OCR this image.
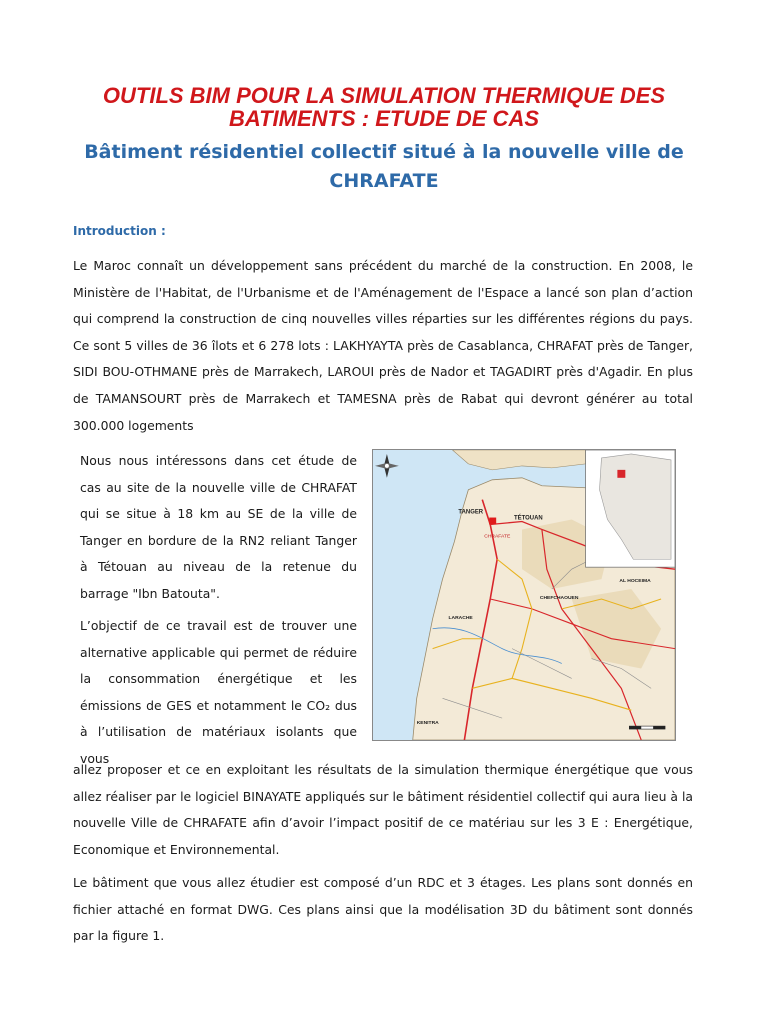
OUTILS BIM POUR LA SIMULATION THERMIQUE DES BATIMENTS : ETUDE DE CAS
Bâtiment résidentiel collectif situé à la nouvelle ville de CHRAFATE

Introduction :

Le Maroc connaît un développement sans précédent du marché de la construction. En 2008, le Ministère de l'Habitat, de l'Urbanisme et de l'Aménagement de l'Espace a lancé son plan d’action qui comprend la construction de cinq nouvelles villes réparties sur les différentes régions du pays. Ce sont 5 villes de 36 îlots et 6 278 lots : LAKHYAYTA près de Casablanca, CHRAFAT près de Tanger, SIDI BOU-OTHMANE près de Marrakech, LAROUI près de Nador et TAGADIRT près d'Agadir. En plus de TAMANSOURT près de Marrakech et TAMESNA près de Rabat qui devront générer au total 300.000 logements

Nous nous intéressons dans cet étude de cas au site de la nouvelle ville de CHRAFAT qui se situe à 18 km au SE de la ville de Tanger en bordure de la RN2 reliant Tanger à Tétouan au niveau de la retenue du barrage "Ibn Batouta".

L’objectif de ce travail est de trouver une alternative applicable qui permet de réduire la consommation énergétique et les émissions de GES et notamment le CO₂ dus à l’utilisation de matériaux isolants que vous

allez proposer et ce en exploitant les résultats de la simulation thermique énergétique que vous allez réaliser par le logiciel BINAYATE appliqués sur le bâtiment résidentiel collectif qui aura lieu à la nouvelle Ville de CHRAFATE afin d’avoir l’impact positif de ce matériau sur les 3 E : Energétique, Economique et Environnemental.

Le bâtiment que vous allez étudier est composé d’un RDC et 3 étages. Les plans sont donnés en fichier attaché en format DWG. Ces plans ainsi que la modélisation 3D du bâtiment sont donnés par la figure 1.

TANGER
TÉTOUAN
CHRAFATE
AL HOCEIMA
CHEFCHAOUEN
LARACHE
KENITRA
